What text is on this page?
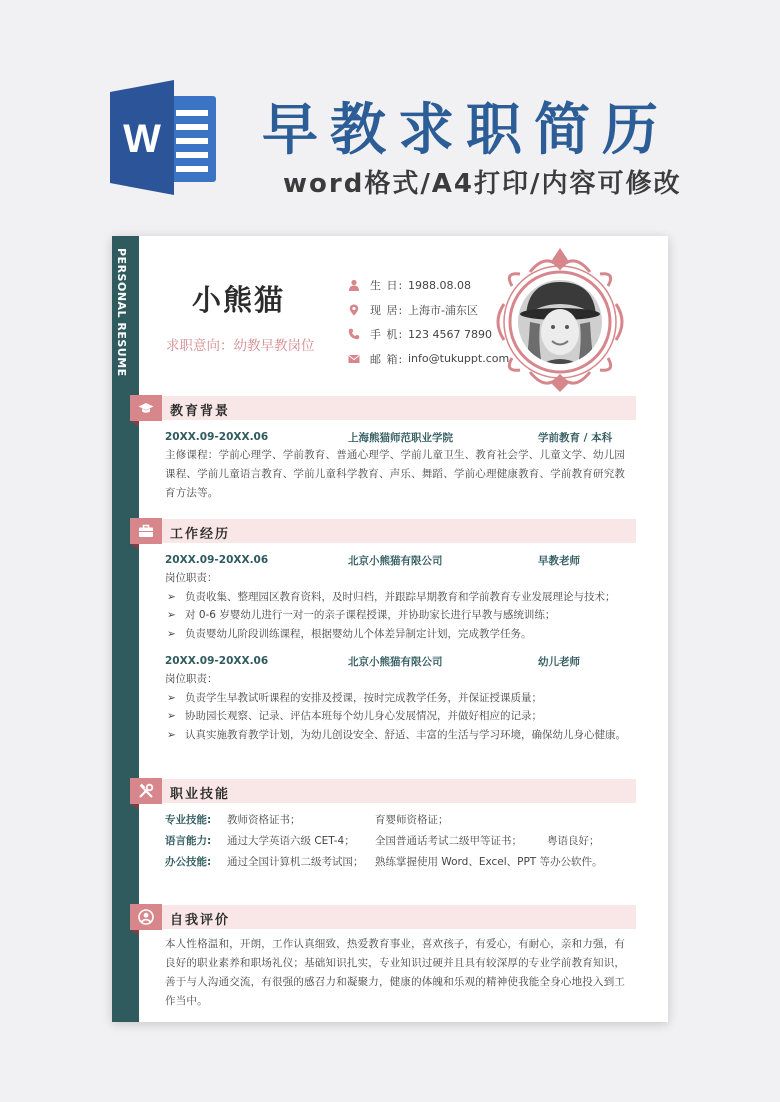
W 早教求职简历

word格式/A4打印/内容可修改

PERSONAL RESUME 小熊猫
求职意向：幼教早教岗位
生 日: 1988.08.08
现 居: 上海市-浦东区
手 机: 123 4567 7890
邮 箱: info@tukuppt.com
教育背景
20XX.09-20XX.06	上海熊猫师范职业学院	学前教育 / 本科
主修课程：学前心理学、学前教育、普通心理学、学前儿童卫生、教育社会学、儿童文学、幼儿园课程、学前儿童语言教育、学前儿童科学教育、声乐、舞蹈、学前心理健康教育、学前教育研究教育方法等。
工作经历
20XX.09-20XX.06	北京小熊猫有限公司	早教老师
岗位职责：
➢ 负责收集、整理园区教育资料，及时归档，并跟踪早期教育和学前教育专业发展理论与技术；
➢ 对 0-6 岁婴幼儿进行一对一的亲子课程授课，并协助家长进行早教与感统训练；
➢ 负责婴幼儿阶段训练课程，根据婴幼儿个体差异制定计划，完成教学任务。
20XX.09-20XX.06	北京小熊猫有限公司	幼儿老师
岗位职责：
➢ 负责学生早教试听课程的安排及授课，按时完成教学任务，并保证授课质量；
➢ 协助园长观察、记录、评估本班每个幼儿身心发展情况，并做好相应的记录；
➢ 认真实施教育教学计划，为幼儿创设安全、舒适、丰富的生活与学习环境，确保幼儿身心健康。
职业技能
专业技能:	教师资格证书；	育婴师资格证；
语言能力:	通过大学英语六级 CET-4；	全国普通话考试二级甲等证书；	粤语良好；
办公技能:	通过全国计算机二级考试国；	熟练掌握使用 Word、Excel、PPT 等办公软件。
自我评价
本人性格温和，开朗，工作认真细致，热爱教育事业，喜欢孩子，有爱心，有耐心，亲和力强，有良好的职业素养和职场礼仪；基础知识扎实，专业知识过硬并且具有较深厚的专业学前教育知识，善于与人沟通交流，有很强的感召力和凝聚力，健康的体魄和乐观的精神使我能全身心地投入到工作当中。
